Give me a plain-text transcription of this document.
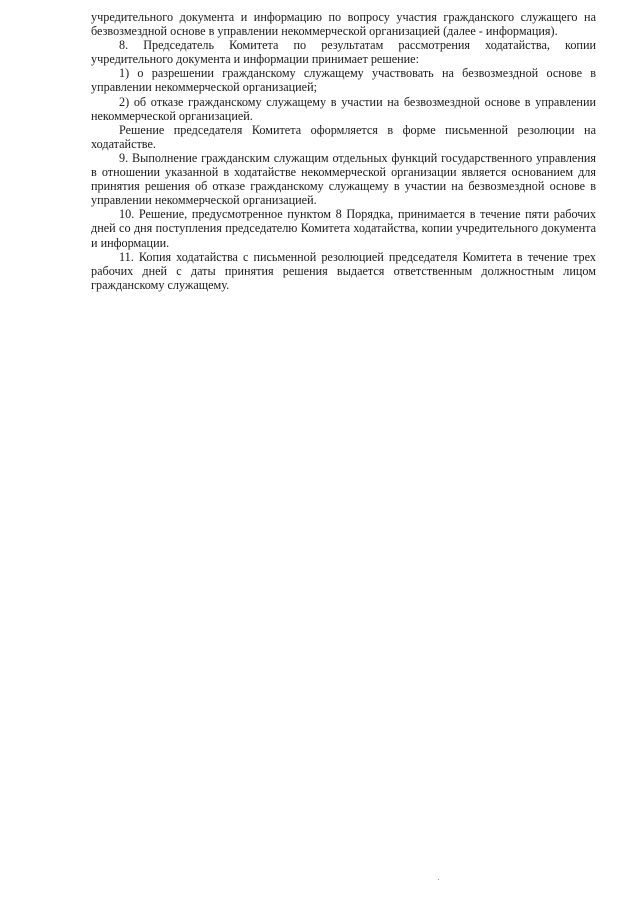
учредительного документа и информацию по вопросу участия гражданского служащего на безвозмездной основе в управлении некоммерческой организацией (далее - информация).

8. Председатель Комитета по результатам рассмотрения ходатайства, копии учредительного документа и информации принимает решение:

1) о разрешении гражданскому служащему участвовать на безвозмездной основе в управлении некоммерческой организацией;

2) об отказе гражданскому служащему в участии на безвозмездной основе в управлении некоммерческой организацией.

Решение председателя Комитета оформляется в форме письменной резолюции на ходатайстве.

9. Выполнение гражданским служащим отдельных функций государственного управления в отношении указанной в ходатайстве некоммерческой организации является основанием для принятия решения об отказе гражданскому служащему в участии на безвозмездной основе в управлении некоммерческой организацией.

10. Решение, предусмотренное пунктом 8 Порядка, принимается в течение пяти рабочих дней со дня поступления председателю Комитета ходатайства, копии учредительного документа и информации.

11. Копия ходатайства с письменной резолюцией председателя Комитета в течение трех рабочих дней с даты принятия решения выдается ответственным должностным лицом гражданскому служащему.
